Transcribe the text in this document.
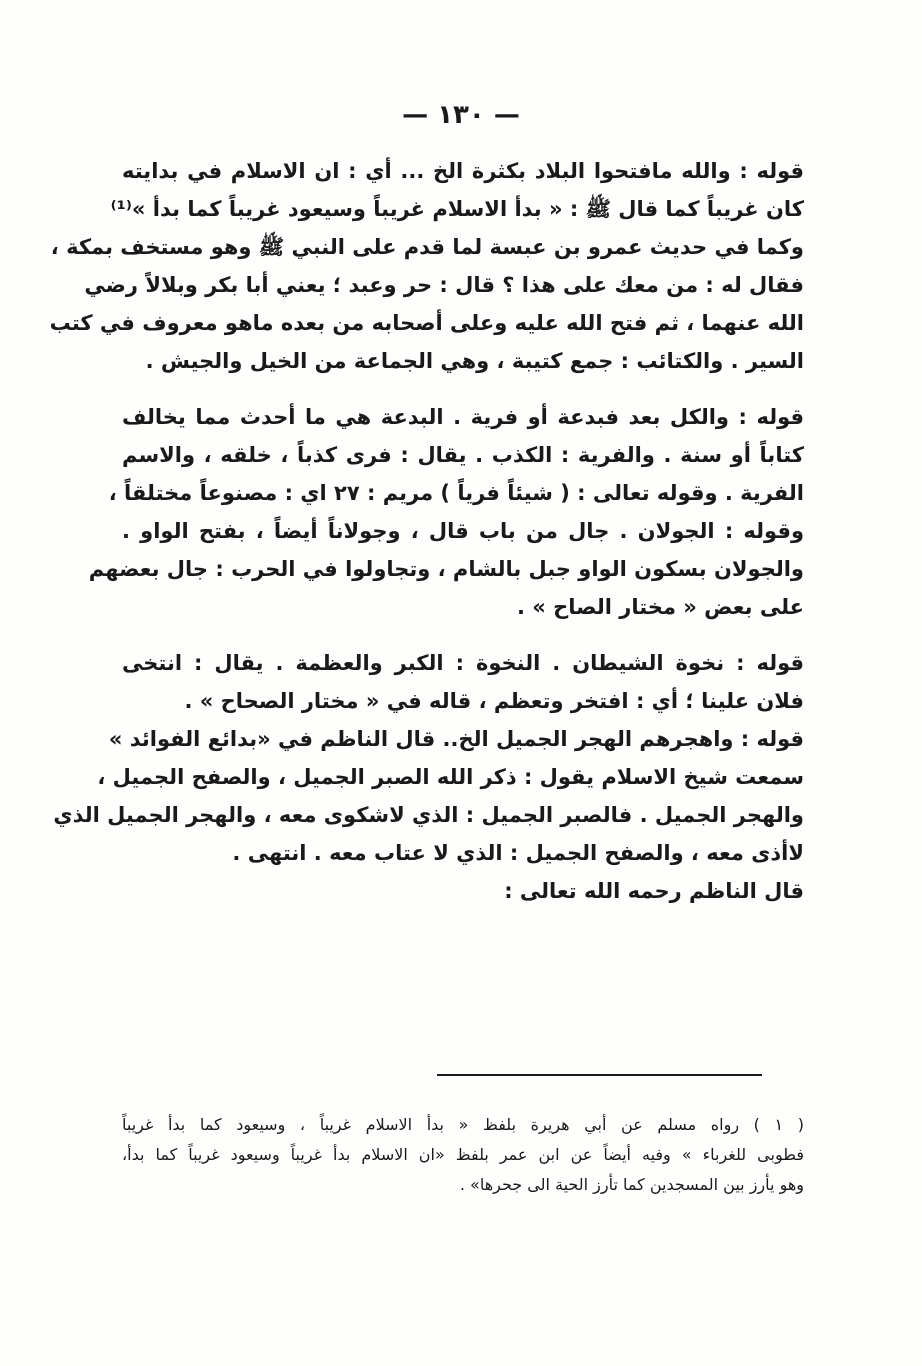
— ١٣٠ —
قوله : والله مافتحوا البلاد بكثرة الخ ... أي : ان الاسلام في بدايته
كان غريباً كما قال ﷺ : « بدأ الاسلام غريباً وسيعود غريباً كما بدأ »⁽¹⁾
وكما في حديث عمرو بن عبسة لما قدم على النبي ﷺ وهو مستخف بمكة ،
فقال له : من معك على هذا ؟ قال : حر وعبد ؛ يعني أبا بكر وبلالاً رضي
الله عنهما ، ثم فتح الله عليه وعلى أصحابه من بعده ماهو معروف في كتب
السير . والكتائب : جمع كتيبة ، وهي الجماعة من الخيل والجيش .
قوله : والكل بعد فبدعة أو فرية . البدعة هي ما أحدث مما يخالف
كتاباً أو سنة . والفرية : الكذب . يقال : فرى كذباً ، خلقه ، والاسم
الفرية . وقوله تعالى : ( شيئاً فرياً ) مريم : ٢٧ اي : مصنوعاً مختلقاً ،
وقوله : الجولان . جال من باب قال ، وجولاناً أيضاً ، بفتح الواو .
والجولان بسكون الواو جبل بالشام ، وتجاولوا في الحرب : جال بعضهم
على بعض « مختار الصاح » .
قوله : نخوة الشيطان . النخوة : الكبر والعظمة . يقال : انتخى
فلان علينا ؛ أي : افتخر وتعظم ، قاله في « مختار الصحاح » .
قوله : واهجرهم الهجر الجميل الخ.. قال الناظم في «بدائع الفوائد »
سمعت شيخ الاسلام يقول : ذكر الله الصبر الجميل ، والصفح الجميل ،
والهجر الجميل . فالصبر الجميل : الذي لاشكوى معه ، والهجر الجميل الذي
لاأذى معه ، والصفح الجميل : الذي لا عتاب معه . انتهى .
قال الناظم رحمه الله تعالى :
( ١ ) رواه مسلم عن أبي هريرة بلفظ « بدأ الاسلام غريباً ، وسيعود كما بدأ غريباً
فطوبى للغرباء » وفيه أيضاً عن ابن عمر بلفظ «ان الاسلام بدأ غريباً وسيعود غريباً كما بدأ،
وهو يأرز بين المسجدين كما تأرز الحية الى جحرها» .
